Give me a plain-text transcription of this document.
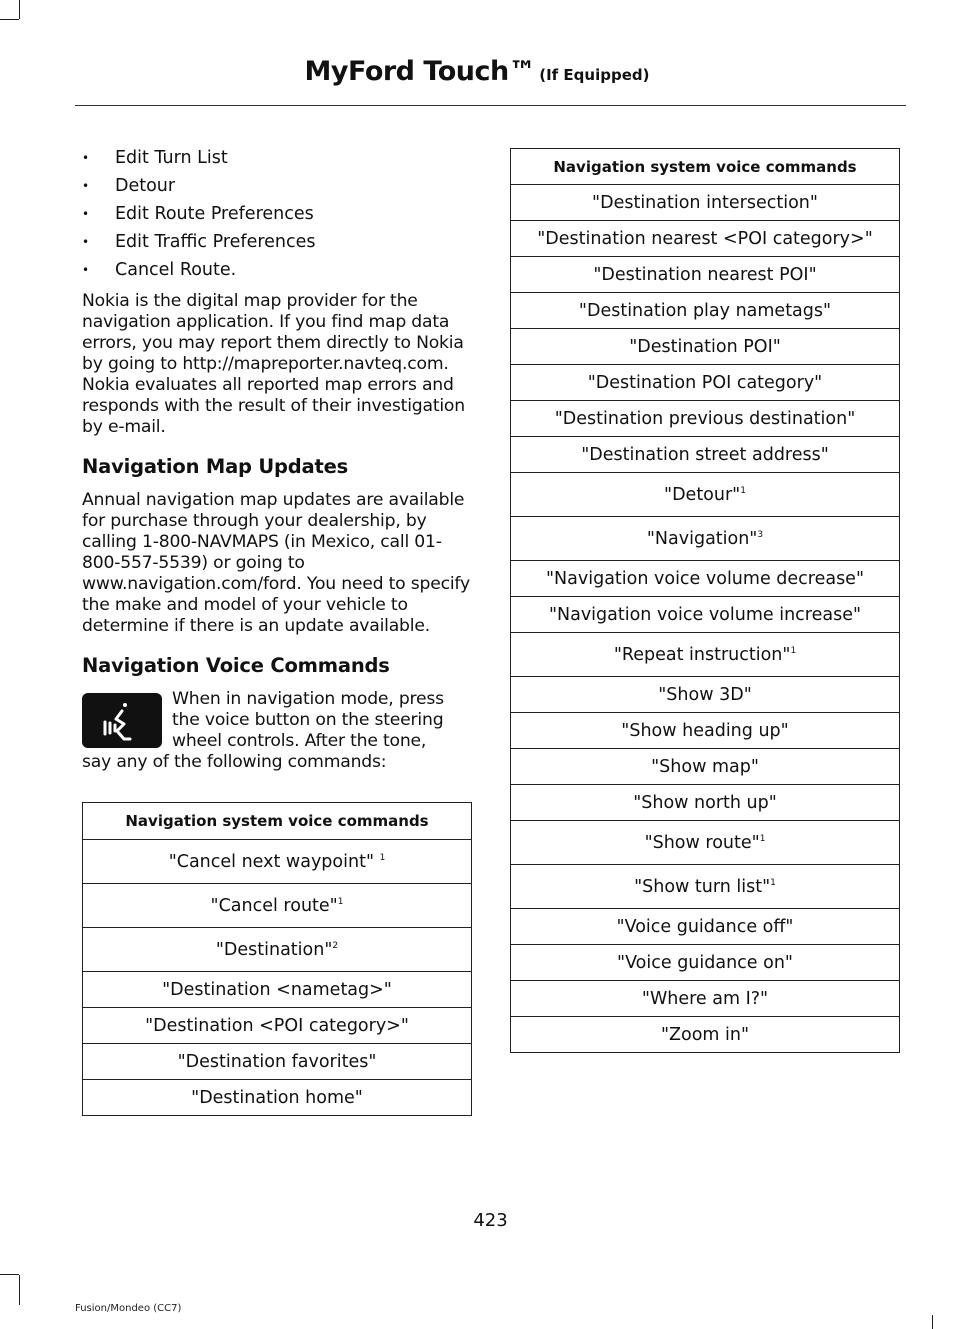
MyFord Touch™ (If Equipped)
• Edit Turn List
• Detour
• Edit Route Preferences
• Edit Traffic Preferences
• Cancel Route.

Nokia is the digital map provider for the navigation application. If you find map data errors, you may report them directly to Nokia by going to http://mapreporter.navteq.com. Nokia evaluates all reported map errors and responds with the result of their investigation by e-mail.

Navigation Map Updates

Annual navigation map updates are available for purchase through your dealership, by calling 1-800-NAVMAPS (in Mexico, call 01-800-557-5539) or going to www.navigation.com/ford. You need to specify the make and model of your vehicle to determine if there is an update available.

Navigation Voice Commands

When in navigation mode, press
the voice button on the steering
wheel controls. After the tone,
say any of the following commands:

Navigation system voice commands
"Cancel next waypoint" $^1$
"Cancel route"$^1$
"Destination"$^2$
"Destination <nametag>"
"Destination <POI category>"
"Destination favorites"
"Destination home"
Navigation system voice commands
"Destination intersection"
"Destination nearest <POI category>"
"Destination nearest POI"
"Destination play nametags"
"Destination POI"
"Destination POI category"
"Destination previous destination"
"Destination street address"
"Detour"$^1$
"Navigation"$^3$
"Navigation voice volume decrease"
"Navigation voice volume increase"
"Repeat instruction"$^1$
"Show 3D"
"Show heading up"
"Show map"
"Show north up"
"Show route"$^1$
"Show turn list"$^1$
"Voice guidance off"
"Voice guidance on"
"Where am I?"
"Zoom in"
423
Fusion/Mondeo (CC7)
